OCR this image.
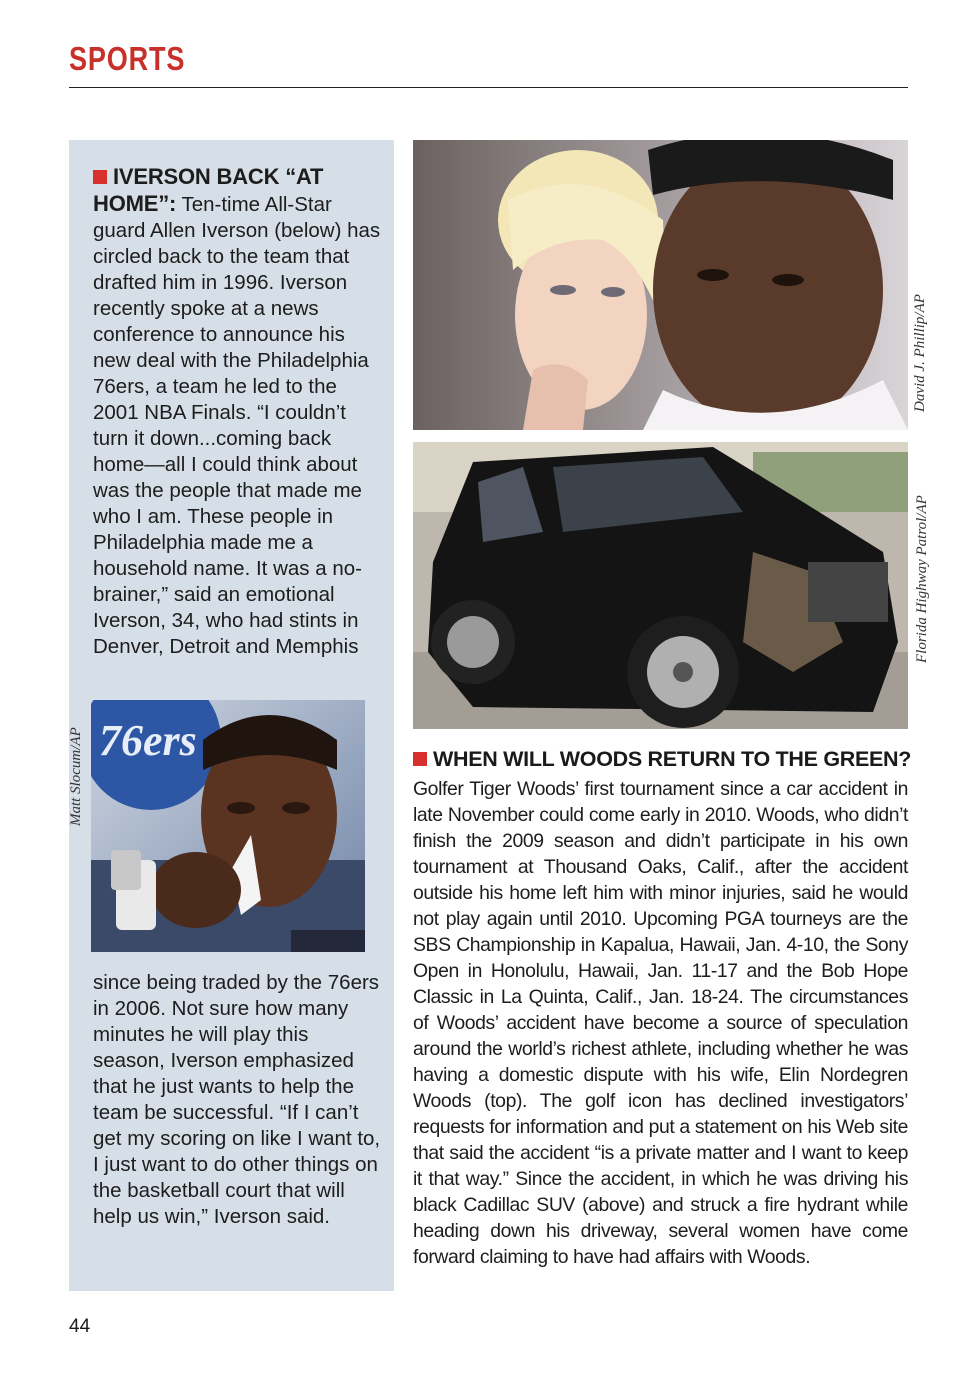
SPORTS

IVERSON BACK “AT HOME”: Ten-time All-Star guard Allen Iverson (below) has circled back to the team that drafted him in 1996. Iverson recently spoke at a news conference to announce his new deal with the Philadelphia 76ers, a team he led to the 2001 NBA Finals. “I couldn’t turn it down...coming back home—all I could think about was the people that made me who I am. These people in Philadelphia made me a household name. It was a no-brainer,” said an emotional Iverson, 34, who had stints in Denver, Detroit and Memphis

since being traded by the 76ers in 2006. Not sure how many minutes he will play this season, Iverson emphasized that he just wants to help the team be successful. “If I can’t get my scoring on like I want to, I just want to do other things on the basketball court that will help us win,” Iverson said.

76ers
Matt Slocum/AP
David J. Phillip/AP
Florida Highway Patrol/AP
WHEN WILL WOODS RETURN TO THE GREEN?

Golfer Tiger Woods’ first tournament since a car accident in late November could come early in 2010. Woods, who didn’t finish the 2009 season and didn’t participate in his own tournament at Thousand Oaks, Calif., after the accident outside his home left him with minor injuries, said he would not play again until 2010. Upcoming PGA tourneys are the SBS Championship in Kapalua, Hawaii, Jan. 4-10, the Sony Open in Honolulu, Hawaii, Jan. 11-17 and the Bob Hope Classic in La Quinta, Calif., Jan. 18-24. The circumstances of Woods’ accident have become a source of speculation around the world’s richest athlete, including whether he was having a domestic dispute with his wife, Elin Nordegren Woods (top). The golf icon has declined investigators’ requests for information and put a statement on his Web site that said the accident “is a private matter and I want to keep it that way.” Since the accident, in which he was driving his black Cadillac SUV (above) and struck a fire hydrant while heading down his driveway, several women have come forward claiming to have had affairs with Woods.

44
